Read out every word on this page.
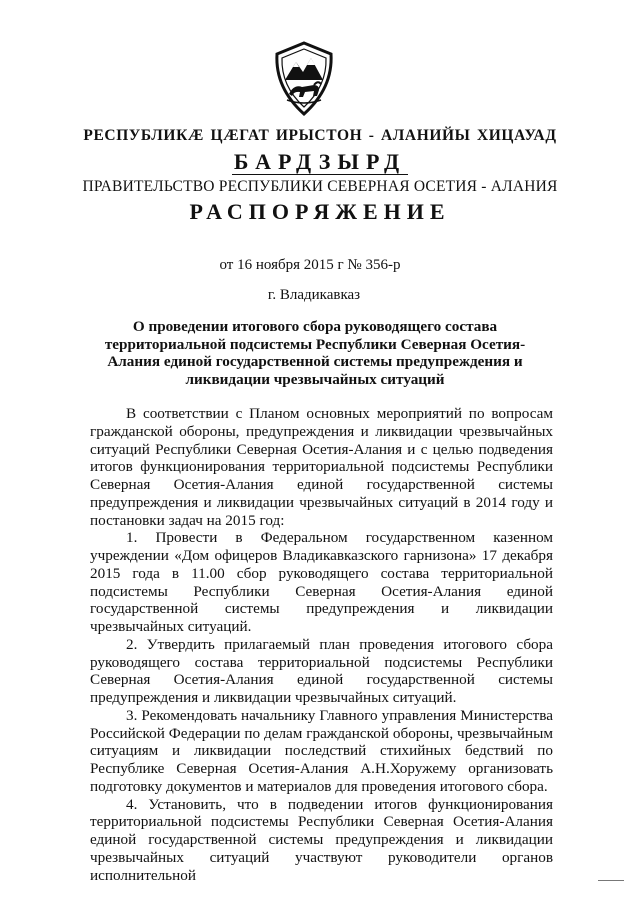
РЕСПУБЛИКӔ ЦӔГАТ ИРЫСТОН - АЛАНИЙЫ ХИЦАУАД
БАРДЗЫРД
ПРАВИТЕЛЬСТВО РЕСПУБЛИКИ СЕВЕРНАЯ ОСЕТИЯ - АЛАНИЯ
РАСПОРЯЖЕНИЕ
от 16 ноября 2015 г № 356-р
г. Владикавказ
О проведении итогового сбора руководящего состава территориальной подсистемы Республики Северная Осетия-Алания единой государственной системы предупреждения и ликвидации чрезвычайных ситуаций

В соответствии с Планом основных мероприятий по вопросам гражданской обороны, предупреждения и ликвидации чрезвычайных ситуаций Республики Северная Осетия-Алания и с целью подведения итогов функционирования территориальной подсистемы Республики Северная Осетия-Алания единой государственной системы предупреждения и ликвидации чрезвычайных ситуаций в 2014 году и постановки задач на 2015 год:

1. Провести в Федеральном государственном казенном учреждении «Дом офицеров Владикавказского гарнизона» 17 декабря 2015 года в 11.00 сбор руководящего состава территориальной подсистемы Республики Северная Осетия-Алания единой государственной системы предупреждения и ликвидации чрезвычайных ситуаций.

2. Утвердить прилагаемый план проведения итогового сбора руководящего состава территориальной подсистемы Республики Северная Осетия-Алания единой государственной системы предупреждения и ликвидации чрезвычайных ситуаций.

3. Рекомендовать начальнику Главного управления Министерства Российской Федерации по делам гражданской обороны, чрезвычайным ситуациям и ликвидации последствий стихийных бедствий по Республике Северная Осетия-Алания А.Н.Хоружему организовать подготовку документов и материалов для проведения итогового сбора.

4. Установить, что в подведении итогов функционирования территориальной подсистемы Республики Северная Осетия-Алания единой государственной системы предупреждения и ликвидации чрезвычайных ситуаций участвуют руководители органов исполнительной
